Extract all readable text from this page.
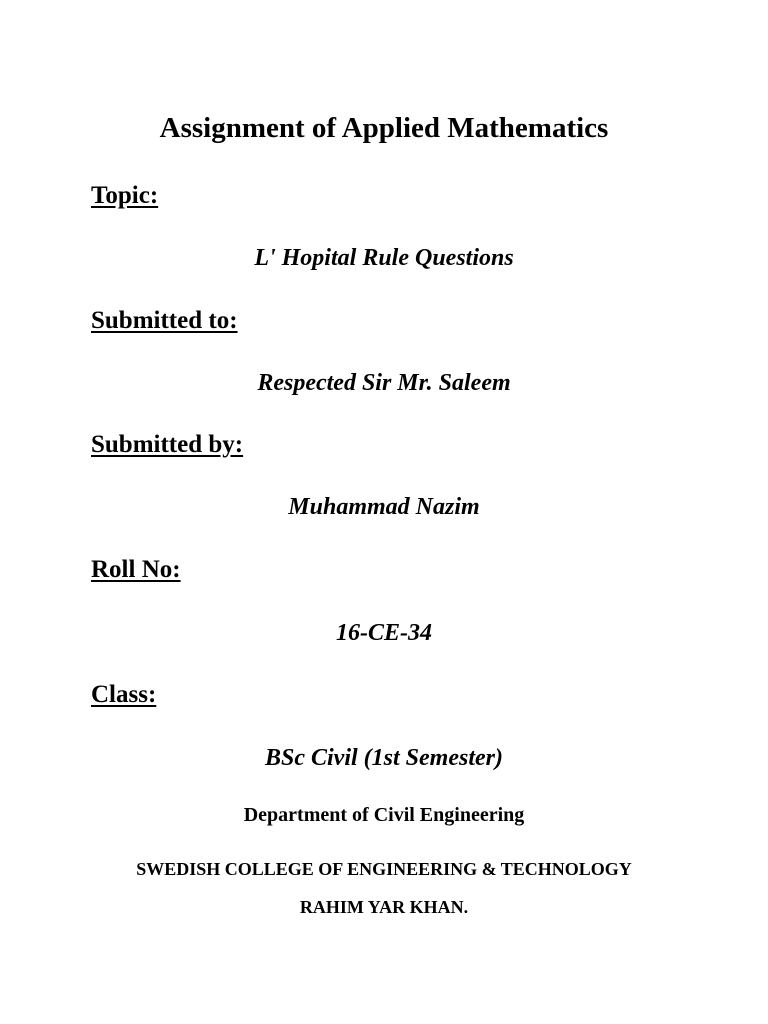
Assignment of Applied Mathematics
Topic:
L' Hopital Rule Questions
Submitted to:
Respected Sir Mr. Saleem
Submitted by:
Muhammad Nazim
Roll No:
16-CE-34
Class:
BSc Civil (1st Semester)
Department of Civil Engineering
SWEDISH COLLEGE OF ENGINEERING & TECHNOLOGY
RAHIM YAR KHAN.
